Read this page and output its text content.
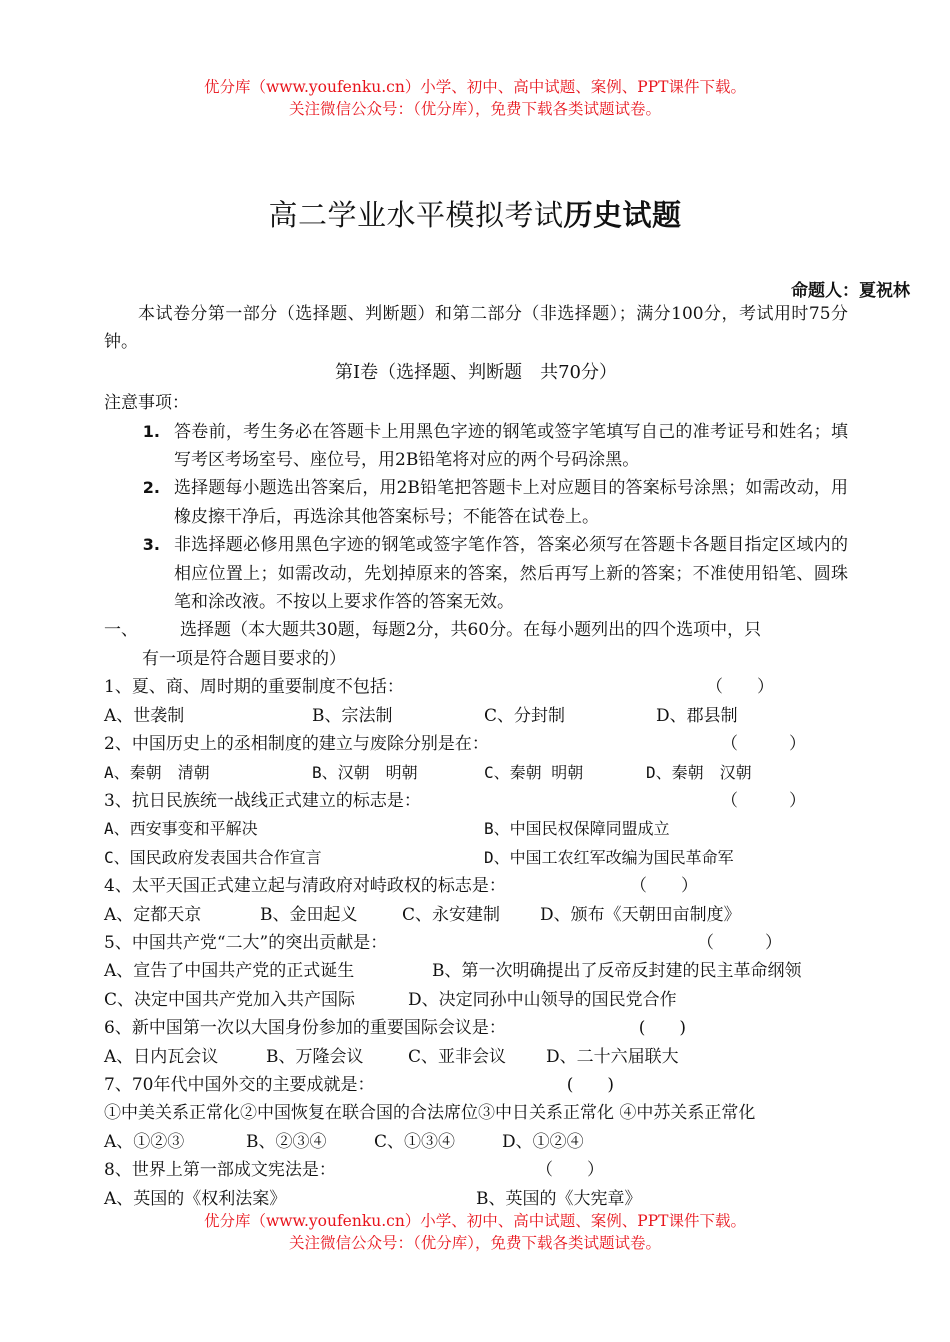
优分库（www.youfenku.cn）小学、初中、高中试题、案例、PPT课件下载。
关注微信公众号：（优分库），免费下载各类试题试卷。
高二学业水平模拟考试历史试题
命题人：夏祝林
本试卷分第一部分（选择题、判断题）和第二部分（非选择题）；满分100分，考试用时75分钟。
第Ⅰ卷（选择题、判断题　共70分）
注意事项：
1. 答卷前，考生务必在答题卡上用黑色字迹的钢笔或签字笔填写自己的准考证号和姓名；填写考区考场室号、座位号，用2B铅笔将对应的两个号码涂黑。
2. 选择题每小题选出答案后，用2B铅笔把答题卡上对应题目的答案标号涂黑；如需改动，用橡皮擦干净后，再选涂其他答案标号；不能答在试卷上。
3. 非选择题必修用黑色字迹的钢笔或签字笔作答，答案必须写在答题卡各题目指定区域内的相应位置上；如需改动，先划掉原来的答案，然后再写上新的答案；不准使用铅笔、圆珠笔和涂改液。不按以上要求作答的答案无效。
一、	选择题（本大题共30题，每题2分，共60分。在每小题列出的四个选项中，只
有一项是符合题目要求的）
1、夏、商、周时期的重要制度不包括：	（　　）
A、世袭制	B、宗法制	C、分封制	D、郡县制
2、中国历史上的丞相制度的建立与废除分别是在：	（　　　）
A、秦朝　清朝	B、汉朝　明朝	C、秦朝 明朝	D、秦朝　汉朝
3、抗日民族统一战线正式建立的标志是：	（　　　）
A、西安事变和平解决	B、中国民权保障同盟成立
C、国民政府发表国共合作宣言	D、中国工农红军改编为国民革命军
4、太平天国正式建立起与清政府对峙政权的标志是：	（　　）
A、定都天京	B、金田起义	C、永安建制	D、颁布《天朝田亩制度》
5、中国共产党“二大”的突出贡献是：	（　　　）
A、宣告了中国共产党的正式诞生	B、第一次明确提出了反帝反封建的民主革命纲领
C、决定中国共产党加入共产国际	D、决定同孙中山领导的国民党合作
6、新中国第一次以大国身份参加的重要国际会议是：	(　　)
A、日内瓦会议	B、万隆会议	C、亚非会议	D、二十六届联大
7、70年代中国外交的主要成就是：	(　　)
①中美关系正常化②中国恢复在联合国的合法席位③中日关系正常化 ④中苏关系正常化
A、①②③	B、②③④	C、①③④	D、①②④
8、世界上第一部成文宪法是：	（　　）
A、英国的《权利法案》	B、英国的《大宪章》
优分库（www.youfenku.cn）小学、初中、高中试题、案例、PPT课件下载。
关注微信公众号：（优分库），免费下载各类试题试卷。
